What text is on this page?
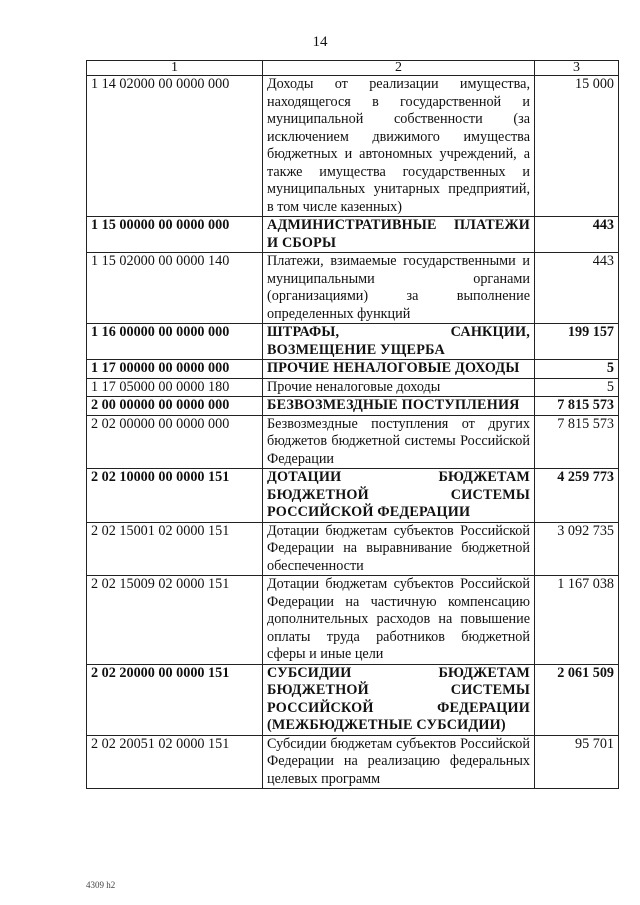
14
1	2	3
1 14 02000 00 0000 000	Доходы от реализации имущества, находящегося в государственной и муниципальной собственности (за исключением движимого имущества бюджетных и автономных учреждений, а также имущества государственных и муниципальных унитарных предприятий, в том числе казенных)	15 000
1 15 00000 00 0000 000	АДМИНИСТРАТИВНЫЕ ПЛАТЕЖИ И СБОРЫ	443
1 15 02000 00 0000 140	Платежи, взимаемые государственными и муниципальными органами (организациями) за выполнение определенных функций	443
1 16 00000 00 0000 000	ШТРАФЫ, САНКЦИИ, ВОЗМЕЩЕНИЕ УЩЕРБА	199 157
1 17 00000 00 0000 000	ПРОЧИЕ НЕНАЛОГОВЫЕ ДОХОДЫ	5
1 17 05000 00 0000 180	Прочие неналоговые доходы	5
2 00 00000 00 0000 000	БЕЗВОЗМЕЗДНЫЕ ПОСТУПЛЕНИЯ	7 815 573
2 02 00000 00 0000 000	Безвозмездные поступления от других бюджетов бюджетной системы Российской Федерации	7 815 573
2 02 10000 00 0000 151	ДОТАЦИИ БЮДЖЕТАМ БЮДЖЕТНОЙ СИСТЕМЫ РОССИЙСКОЙ ФЕДЕРАЦИИ	4 259 773
2 02 15001 02 0000 151	Дотации бюджетам субъектов Российской Федерации на выравнивание бюджетной обеспеченности	3 092 735
2 02 15009 02 0000 151	Дотации бюджетам субъектов Российской Федерации на частичную компенсацию дополнительных расходов на повышение оплаты труда работников бюджетной сферы и иные цели	1 167 038
2 02 20000 00 0000 151	СУБСИДИИ БЮДЖЕТАМ БЮДЖЕТНОЙ СИСТЕМЫ РОССИЙСКОЙ ФЕДЕРАЦИИ (МЕЖБЮДЖЕТНЫЕ СУБСИДИИ)	2 061 509
2 02 20051 02 0000 151	Субсидии бюджетам субъектов Российской Федерации на реализацию федеральных целевых программ	95 701
4309 h2
